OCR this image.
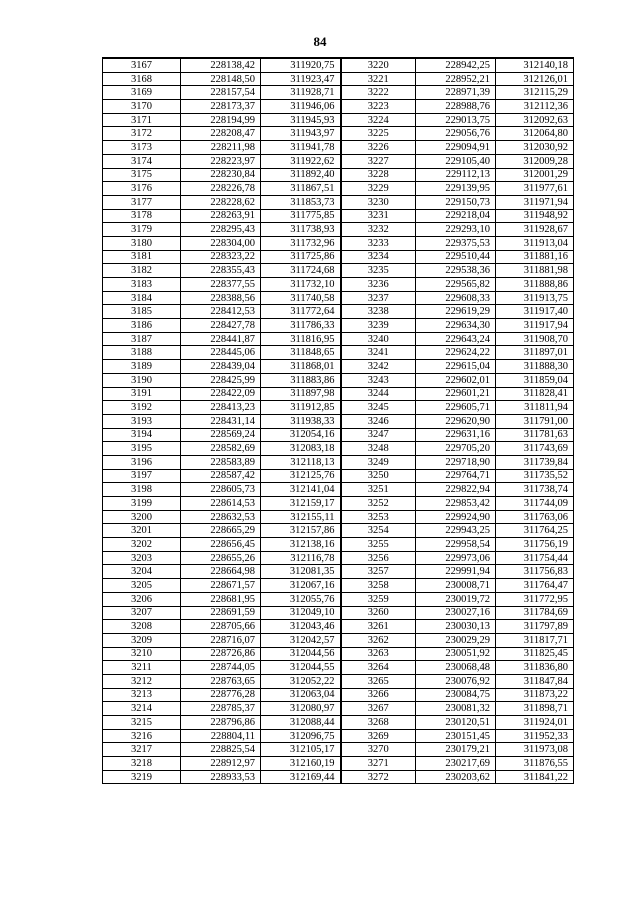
84
3167	228138,42	311920,75	3220	228942,25	312140,18
3168	228148,50	311923,47	3221	228952,21	312126,01
3169	228157,54	311928,71	3222	228971,39	312115,29
3170	228173,37	311946,06	3223	228988,76	312112,36
3171	228194,99	311945,93	3224	229013,75	312092,63
3172	228208,47	311943,97	3225	229056,76	312064,80
3173	228211,98	311941,78	3226	229094,91	312030,92
3174	228223,97	311922,62	3227	229105,40	312009,28
3175	228230,84	311892,40	3228	229112,13	312001,29
3176	228226,78	311867,51	3229	229139,95	311977,61
3177	228228,62	311853,73	3230	229150,73	311971,94
3178	228263,91	311775,85	3231	229218,04	311948,92
3179	228295,43	311738,93	3232	229293,10	311928,67
3180	228304,00	311732,96	3233	229375,53	311913,04
3181	228323,22	311725,86	3234	229510,44	311881,16
3182	228355,43	311724,68	3235	229538,36	311881,98
3183	228377,55	311732,10	3236	229565,82	311888,86
3184	228388,56	311740,58	3237	229608,33	311913,75
3185	228412,53	311772,64	3238	229619,29	311917,40
3186	228427,78	311786,33	3239	229634,30	311917,94
3187	228441,87	311816,95	3240	229643,24	311908,70
3188	228445,06	311848,65	3241	229624,22	311897,01
3189	228439,04	311868,01	3242	229615,04	311888,30
3190	228425,99	311883,86	3243	229602,01	311859,04
3191	228422,09	311897,98	3244	229601,21	311828,41
3192	228413,23	311912,85	3245	229605,71	311811,94
3193	228431,14	311938,33	3246	229620,90	311791,00
3194	228569,24	312054,16	3247	229631,16	311781,63
3195	228582,69	312083,18	3248	229705,20	311743,69
3196	228583,89	312118,13	3249	229718,90	311739,84
3197	228587,42	312125,76	3250	229764,71	311735,52
3198	228605,73	312141,04	3251	229822,94	311738,74
3199	228614,53	312159,17	3252	229853,42	311744,09
3200	228632,53	312155,11	3253	229924,90	311763,06
3201	228665,29	312157,86	3254	229943,25	311764,25
3202	228656,45	312138,16	3255	229958,54	311756,19
3203	228655,26	312116,78	3256	229973,06	311754,44
3204	228664,98	312081,35	3257	229991,94	311756,83
3205	228671,57	312067,16	3258	230008,71	311764,47
3206	228681,95	312055,76	3259	230019,72	311772,95
3207	228691,59	312049,10	3260	230027,16	311784,69
3208	228705,66	312043,46	3261	230030,13	311797,89
3209	228716,07	312042,57	3262	230029,29	311817,71
3210	228726,86	312044,56	3263	230051,92	311825,45
3211	228744,05	312044,55	3264	230068,48	311836,80
3212	228763,65	312052,22	3265	230076,92	311847,84
3213	228776,28	312063,04	3266	230084,75	311873,22
3214	228785,37	312080,97	3267	230081,32	311898,71
3215	228796,86	312088,44	3268	230120,51	311924,01
3216	228804,11	312096,75	3269	230151,45	311952,33
3217	228825,54	312105,17	3270	230179,21	311973,08
3218	228912,97	312160,19	3271	230217,69	311876,55
3219	228933,53	312169,44	3272	230203,62	311841,22
